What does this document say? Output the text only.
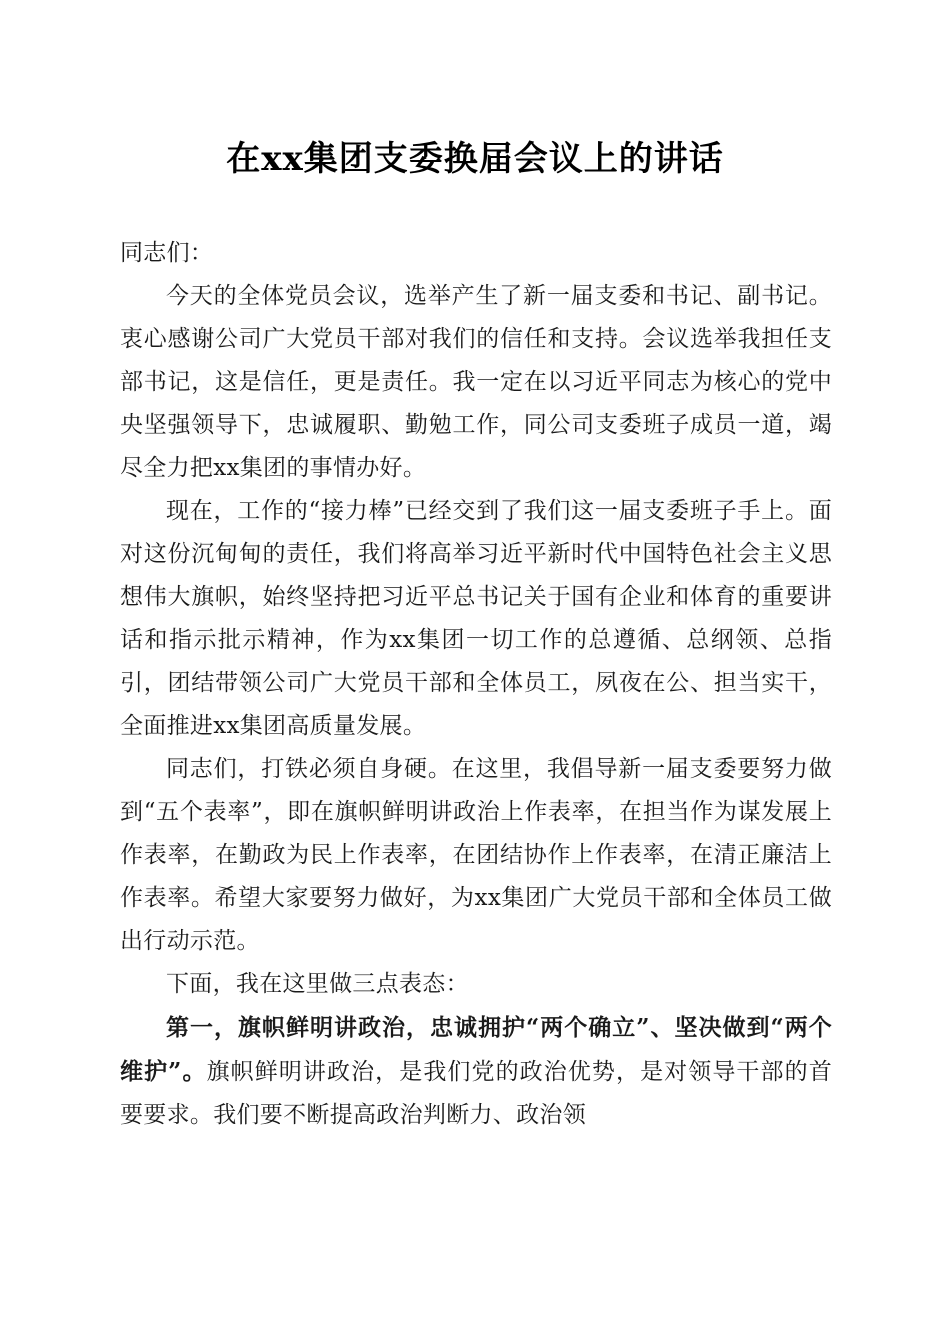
在xx集团支委换届会议上的讲话

同志们：

今天的全体党员会议，选举产生了新一届支委和书记、副书记。衷心感谢公司广大党员干部对我们的信任和支持。会议选举我担任支部书记，这是信任，更是责任。我一定在以习近平同志为核心的党中央坚强领导下，忠诚履职、勤勉工作，同公司支委班子成员一道，竭尽全力把xx集团的事情办好。

现在，工作的“接力棒”已经交到了我们这一届支委班子手上。面对这份沉甸甸的责任，我们将高举习近平新时代中国特色社会主义思想伟大旗帜，始终坚持把习近平总书记关于国有企业和体育的重要讲话和指示批示精神，作为xx集团一切工作的总遵循、总纲领、总指引，团结带领公司广大党员干部和全体员工，夙夜在公、担当实干，全面推进xx集团高质量发展。

同志们，打铁必须自身硬。在这里，我倡导新一届支委要努力做到“五个表率”，即在旗帜鲜明讲政治上作表率，在担当作为谋发展上作表率，在勤政为民上作表率，在团结协作上作表率，在清正廉洁上作表率。希望大家要努力做好，为xx集团广大党员干部和全体员工做出行动示范。

下面，我在这里做三点表态：

第一，旗帜鲜明讲政治，忠诚拥护“两个确立”、坚决做到“两个维护”。旗帜鲜明讲政治，是我们党的政治优势，是对领导干部的首要要求。我们要不断提高政治判断力、政治领
